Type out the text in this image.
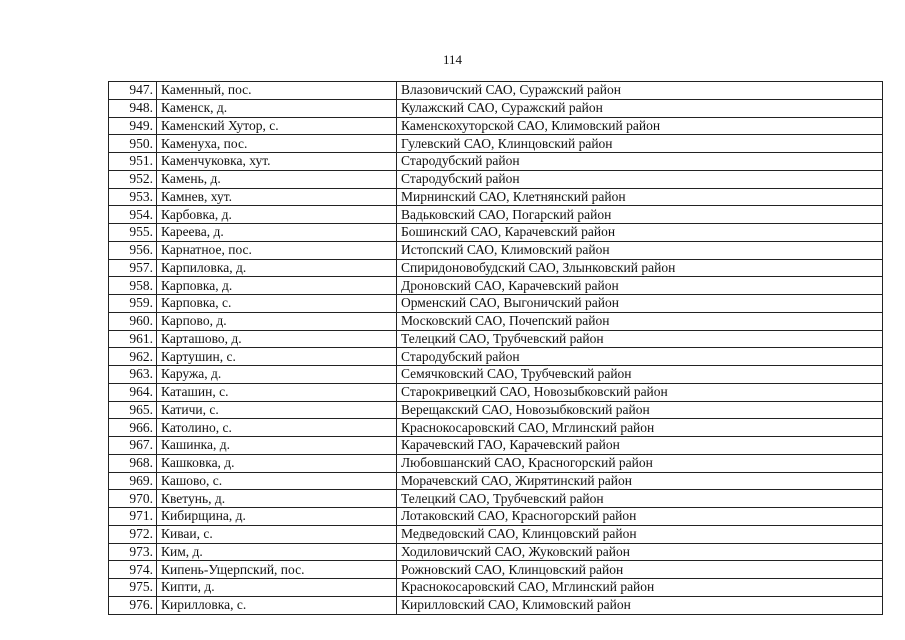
114
947.	Каменный, пос.	Влазовичский САО, Суражский район
948.	Каменск, д.	Кулажский САО, Суражский район
949.	Каменский Хутор, с.	Каменскохуторской САО, Климовский район
950.	Каменуха, пос.	Гулевский САО, Клинцовский район
951.	Каменчуковка, хут.	Стародубский район
952.	Камень, д.	Стародубский район
953.	Камнев, хут.	Мирнинский САО, Клетнянский район
954.	Карбовка, д.	Вадьковский САО, Погарский район
955.	Кареева, д.	Бошинский САО, Карачевский район
956.	Карнатное, пос.	Истопский САО, Климовский район
957.	Карпиловка, д.	Спиридоновобудский САО, Злынковский район
958.	Карповка, д.	Дроновский САО, Карачевский район
959.	Карповка, с.	Орменский САО, Выгоничский район
960.	Карпово, д.	Московский САО, Почепский район
961.	Карташово, д.	Телецкий САО, Трубчевский район
962.	Картушин, с.	Стародубский район
963.	Каружа, д.	Семячковский САО, Трубчевский район
964.	Каташин, с.	Старокривецкий САО, Новозыбковский район
965.	Катичи, с.	Верещакский САО, Новозыбковский район
966.	Католино, с.	Краснокосаровский САО, Мглинский район
967.	Кашинка, д.	Карачевский ГАО, Карачевский район
968.	Кашковка, д.	Любовшанский САО, Красногорский район
969.	Кашово, с.	Морачевский САО, Жирятинский район
970.	Кветунь, д.	Телецкий САО, Трубчевский район
971.	Кибирщина, д.	Лотаковский САО, Красногорский район
972.	Киваи, с.	Медведовский САО, Клинцовский район
973.	Ким, д.	Ходиловичский САО, Жуковский район
974.	Кипень-Ущерпский, пос.	Рожновский САО, Клинцовский район
975.	Кипти, д.	Краснокосаровский САО, Мглинский район
976.	Кирилловка, с.	Кирилловский САО, Климовский район
